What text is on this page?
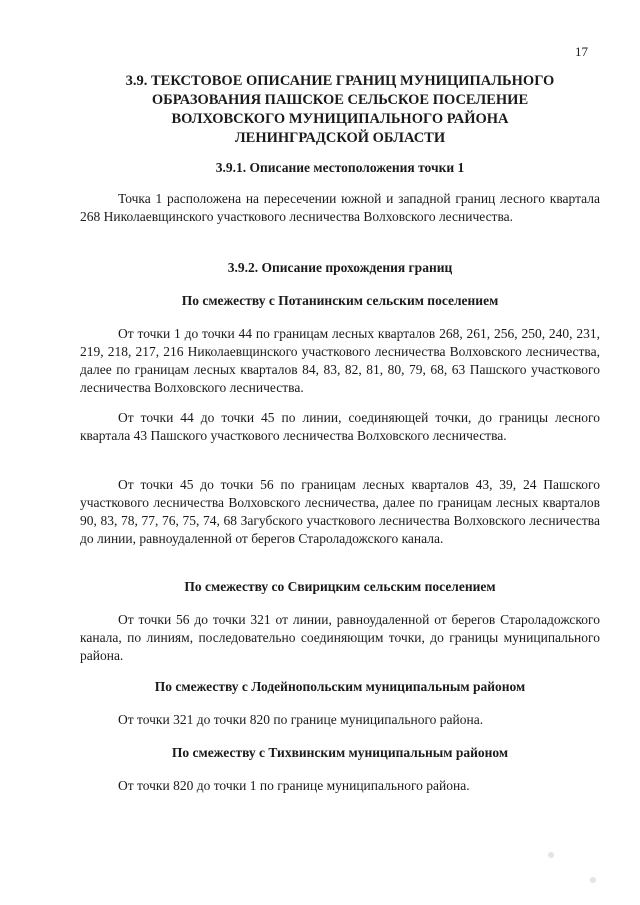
17
3.9. ТЕКСТОВОЕ ОПИСАНИЕ ГРАНИЦ МУНИЦИПАЛЬНОГО
ОБРАЗОВАНИЯ ПАШСКОЕ СЕЛЬСКОЕ ПОСЕЛЕНИЕ
ВОЛХОВСКОГО МУНИЦИПАЛЬНОГО РАЙОНА
ЛЕНИНГРАДСКОЙ ОБЛАСТИ
3.9.1. Описание местоположения точки 1

Точка 1 расположена на пересечении южной и западной границ лесного квартала 268 Николаевщинского участкового лесничества Волховского лесничества.

3.9.2. Описание прохождения границ
По смежеству с Потанинским сельским поселением

От точки 1 до точки 44 по границам лесных кварталов 268, 261, 256, 250, 240, 231, 219, 218, 217, 216 Николаевщинского участкового лесничества Волховского лесничества, далее по границам лесных кварталов 84, 83, 82, 81, 80, 79, 68, 63 Пашского участкового лесничества Волховского лесничества.

От точки 44 до точки 45 по линии, соединяющей точки, до границы лесного квартала 43 Пашского участкового лесничества Волховского лесничества.

От точки 45 до точки 56 по границам лесных кварталов 43, 39, 24 Пашского участкового лесничества Волховского лесничества, далее по границам лесных кварталов 90, 83, 78, 77, 76, 75, 74, 68 Загубского участкового лесничества Волховского лесничества до линии, равноудаленной от берегов Староладожского канала.

По смежеству со Свирицким сельским поселением

От точки 56 до точки 321 от линии, равноудаленной от берегов Староладожского канала, по линиям, последовательно соединяющим точки, до границы муниципального района.

По смежеству с Лодейнопольским муниципальным районом

От точки 321 до точки 820 по границе муниципального района.

По смежеству с Тихвинским муниципальным районом

От точки 820 до точки 1 по границе муниципального района.
